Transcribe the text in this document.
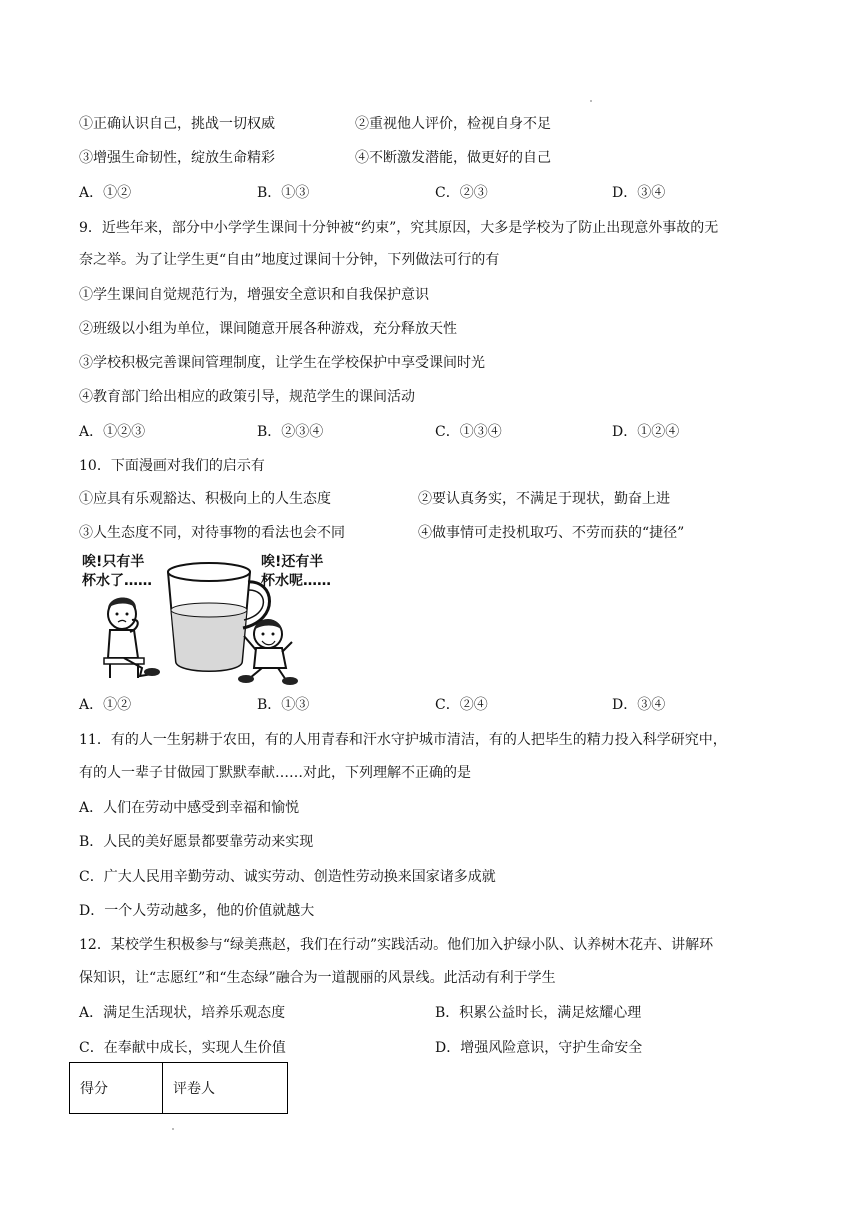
①正确认识自己，挑战一切权威	②重视他人评价，检视自身不足
③增强生命韧性，绽放生命精彩	④不断激发潜能，做更好的自己
A．①②	B．①③	C．②③	D．③④
9．近些年来，部分中小学学生课间十分钟被“约束”，究其原因，大多是学校为了防止出现意外事故的无
奈之举。为了让学生更“自由”地度过课间十分钟，下列做法可行的有
①学生课间自觉规范行为，增强安全意识和自我保护意识
②班级以小组为单位，课间随意开展各种游戏，充分释放天性
③学校积极完善课间管理制度，让学生在学校保护中享受课间时光
④教育部门给出相应的政策引导，规范学生的课间活动
A．①②③	B．②③④	C．①③④	D．①②④
10．下面漫画对我们的启示有
①应具有乐观豁达、积极向上的人生态度	②要认真务实，不满足于现状，勤奋上进
③人生态度不同，对待事物的看法也会不同	④做事情可走投机取巧、不劳而获的“捷径”
唉!只有半
杯水了……
唉!还有半
杯水呢……
A．①②	B．①③	C．②④	D．③④
11．有的人一生躬耕于农田，有的人用青春和汗水守护城市清洁，有的人把毕生的精力投入科学研究中，
有的人一辈子甘做园丁默默奉献……对此，下列理解不正确的是
A．人们在劳动中感受到幸福和愉悦
B．人民的美好愿景都要靠劳动来实现
C．广大人民用辛勤劳动、诚实劳动、创造性劳动换来国家诸多成就
D．一个人劳动越多，他的价值就越大
12．某校学生积极参与“绿美燕赵，我们在行动”实践活动。他们加入护绿小队、认养树木花卉、讲解环
保知识，让“志愿红”和“生态绿”融合为一道靓丽的风景线。此活动有利于学生
A．满足生活现状，培养乐观态度	B．积累公益时长，满足炫耀心理
C．在奉献中成长，实现人生价值	D．增强风险意识，守护生命安全
得分	评卷人
